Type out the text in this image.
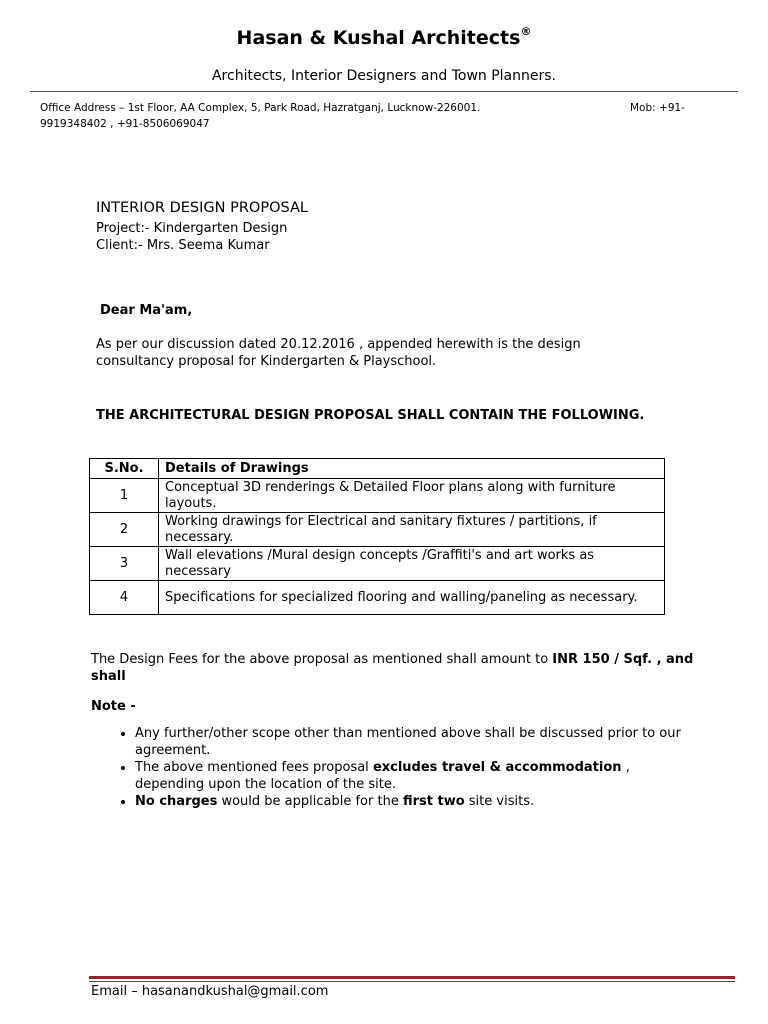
Hasan & Kushal Architects®
Architects, Interior Designers and Town Planners.
Office Address – 1st Floor, AA Complex, 5, Park Road, Hazratganj, Lucknow-226001.	Mob: +91-

9919348402 , +91-8506069047
INTERIOR DESIGN PROPOSAL
Project:- Kindergarten Design
Client:- Mrs. Seema Kumar
Dear Ma'am,
As per our discussion dated 20.12.2016 , appended herewith is the design consultancy proposal for Kindergarten & Playschool.
THE ARCHITECTURAL DESIGN PROPOSAL SHALL CONTAIN THE FOLLOWING.
S.No.	Details of Drawings
1	Conceptual 3D renderings & Detailed Floor plans along with furniture layouts.
2	Working drawings for Electrical and sanitary fixtures / partitions, if necessary.
3	Wall elevations /Mural design concepts /Graffiti's and art works as necessary
4	Specifications for specialized flooring and walling/paneling as necessary.
The Design Fees for the above proposal as mentioned shall amount to INR 150 / Sqf. , and shall
Note -
• Any further/other scope other than mentioned above shall be discussed prior to our agreement.
• The above mentioned fees proposal excludes travel & accommodation , depending upon the location of the site.
• No charges would be applicable for the first two site visits.
Email – hasanandkushal@gmail.com
